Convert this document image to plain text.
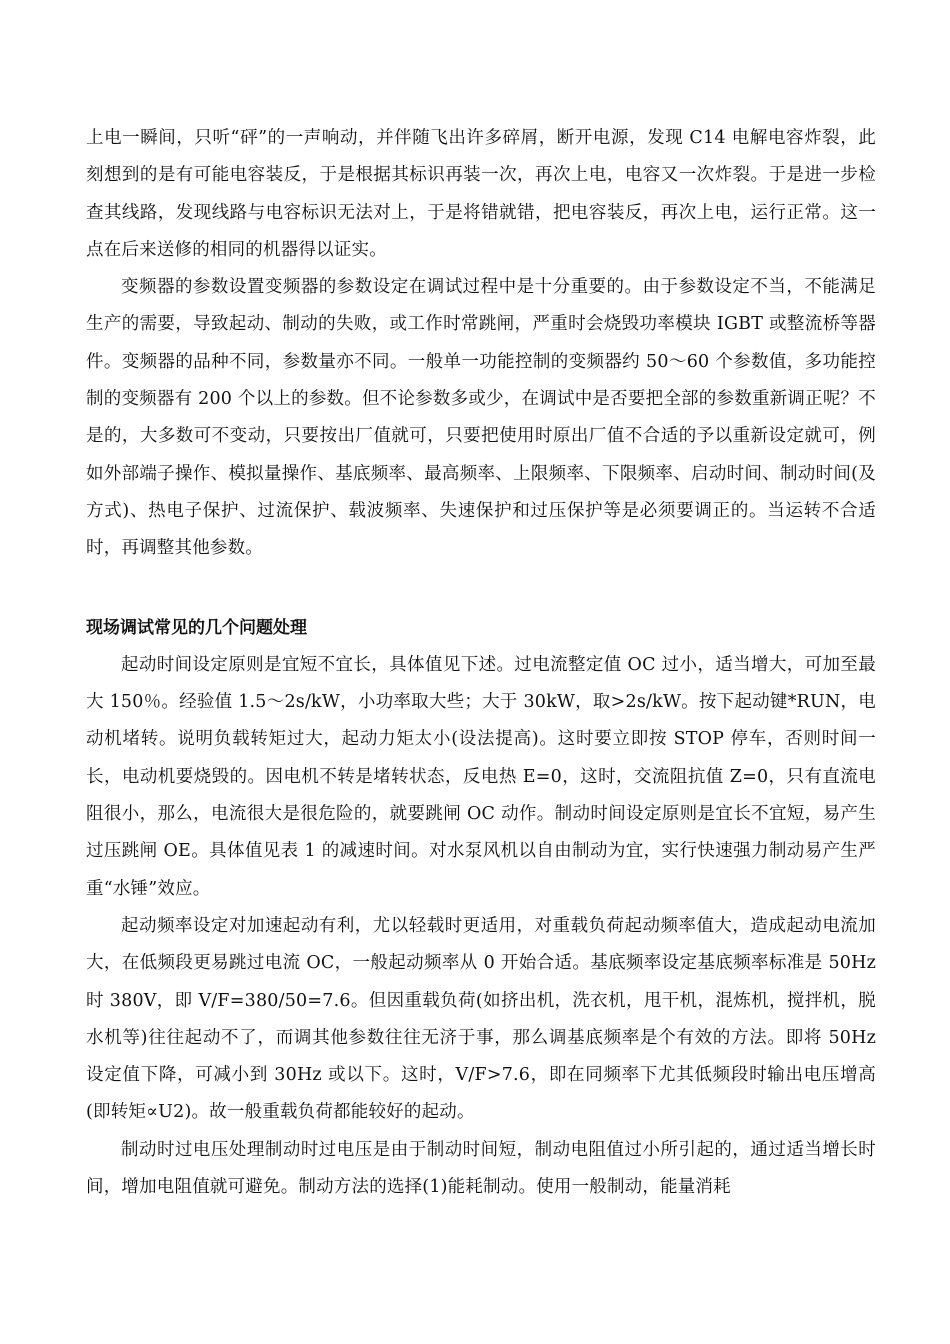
上电一瞬间，只听“砰”的一声响动，并伴随飞出许多碎屑，断开电源，发现 C14 电解电容炸裂，此刻想到的是有可能电容装反，于是根据其标识再装一次，再次上电，电容又一次炸裂。于是进一步检查其线路，发现线路与电容标识无法对上，于是将错就错，把电容装反，再次上电，运行正常。这一点在后来送修的相同的机器得以证实。

变频器的参数设置变频器的参数设定在调试过程中是十分重要的。由于参数设定不当，不能满足生产的需要，导致起动、制动的失败，或工作时常跳闸，严重时会烧毁功率模块 IGBT 或整流桥等器件。变频器的品种不同，参数量亦不同。一般单一功能控制的变频器约 50～60 个参数值，多功能控制的变频器有 200 个以上的参数。但不论参数多或少，在调试中是否要把全部的参数重新调正呢？不是的，大多数可不变动，只要按出厂值就可，只要把使用时原出厂值不合适的予以重新设定就可，例如外部端子操作、模拟量操作、基底频率、最高频率、上限频率、下限频率、启动时间、制动时间(及方式)、热电子保护、过流保护、载波频率、失速保护和过压保护等是必须要调正的。当运转不合适时，再调整其他参数。

现场调试常见的几个问题处理

起动时间设定原则是宜短不宜长，具体值见下述。过电流整定值 OC 过小，适当增大，可加至最大 150％。经验值 1.5～2s/kW，小功率取大些；大于 30kW，取>2s/kW。按下起动键*RUN，电动机堵转。说明负载转矩过大，起动力矩太小(设法提高)。这时要立即按 STOP 停车，否则时间一长，电动机要烧毁的。因电机不转是堵转状态，反电热 E=0，这时，交流阻抗值 Z=0，只有直流电阻很小，那么，电流很大是很危险的，就要跳闸 OC 动作。制动时间设定原则是宜长不宜短，易产生过压跳闸 OE。具体值见表 1 的减速时间。对水泵风机以自由制动为宜，实行快速强力制动易产生严重“水锤”效应。

起动频率设定对加速起动有利，尤以轻载时更适用，对重载负荷起动频率值大，造成起动电流加大，在低频段更易跳过电流 OC，一般起动频率从 0 开始合适。基底频率设定基底频率标准是 50Hz 时 380V，即 V/F=380/50=7.6。但因重载负荷(如挤出机，洗衣机，甩干机，混炼机，搅拌机，脱水机等)往往起动不了，而调其他参数往往无济于事，那么调基底频率是个有效的方法。即将 50Hz 设定值下降，可减小到 30Hz 或以下。这时，V/F>7.6，即在同频率下尤其低频段时输出电压增高(即转矩∝U2)。故一般重载负荷都能较好的起动。

制动时过电压处理制动时过电压是由于制动时间短，制动电阻值过小所引起的，通过适当增长时间，增加电阻值就可避免。制动方法的选择(1)能耗制动。使用一般制动，能量消耗
